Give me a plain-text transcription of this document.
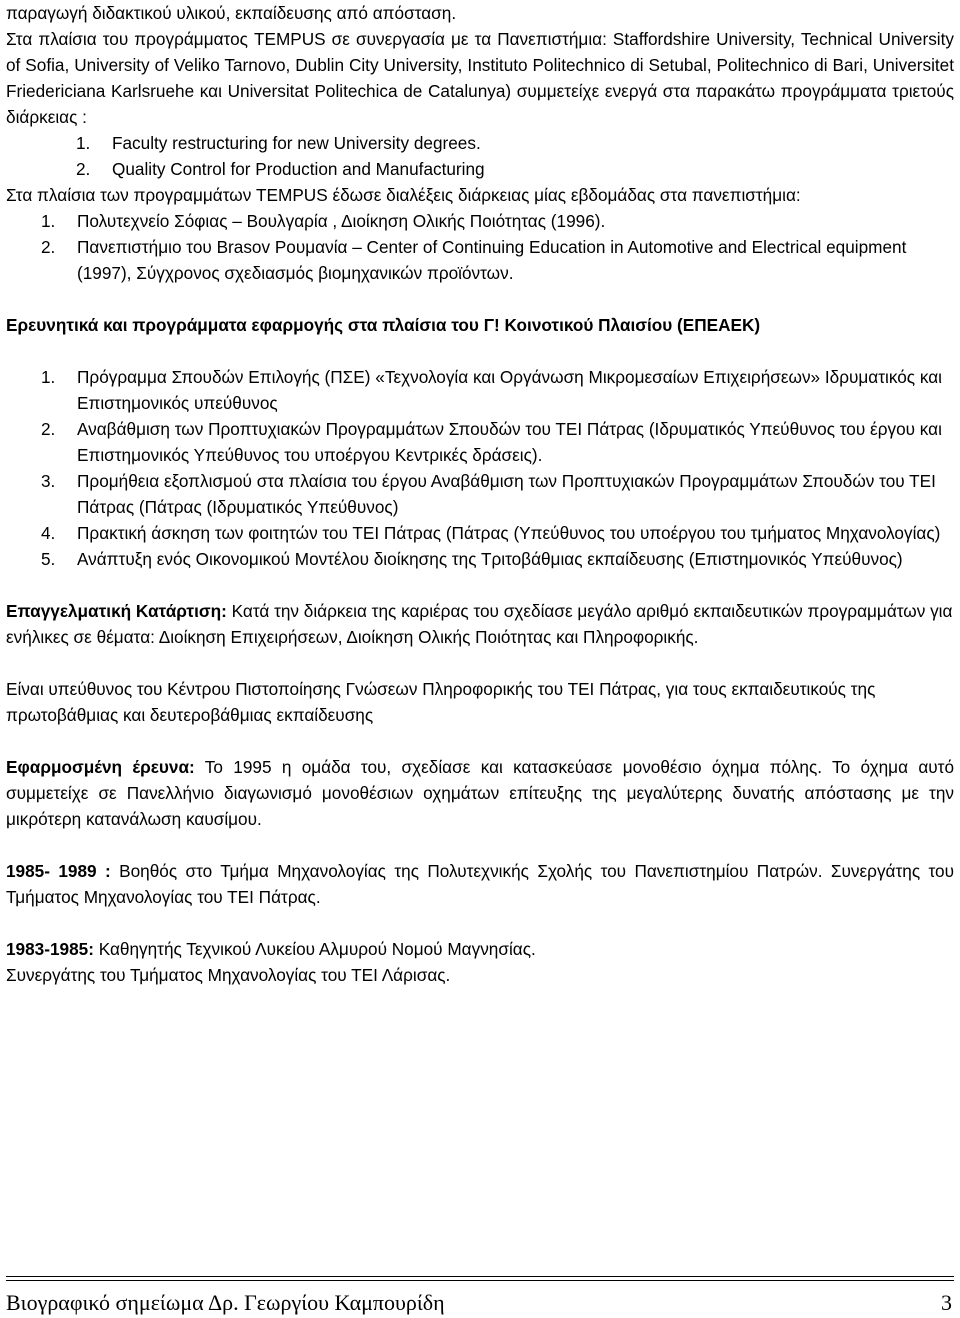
παραγωγή διδακτικού υλικού, εκπαίδευσης από απόσταση.
Στα πλαίσια του προγράμματος TEMPUS σε συνεργασία με τα Πανεπιστήμια: Staffordshire University, Technical University of Sofia, University of Veliko Tarnovo, Dublin City University, Instituto Politechnico di Setubal, Politechnico di Bari, Universitet Friedericiana Karlsruehe και Universitat Politechica de Catalunya) συμμετείχε ενεργά στα παρακάτω προγράμματα τριετούς διάρκειας :
1. Faculty restructuring for new University degrees.
2. Quality Control for Production and Manufacturing
Στα πλαίσια των προγραμμάτων TEMPUS έδωσε διαλέξεις διάρκειας μίας εβδομάδας στα πανεπιστήμια:
1. Πολυτεχνείο Σόφιας – Βουλγαρία , Διοίκηση Ολικής Ποιότητας (1996).
2. Πανεπιστήμιο του Brasov Ρουμανία – Center of Continuing Education in Automotive and Electrical equipment (1997), Σύγχρονος σχεδιασμός βιομηχανικών προϊόντων.
Ερευνητικά και προγράμματα εφαρμογής στα πλαίσια του Γ! Κοινοτικού Πλαισίου (ΕΠΕΑΕΚ)
1. Πρόγραμμα Σπουδών Επιλογής (ΠΣΕ) «Τεχνολογία και Οργάνωση Μικρομεσαίων Επιχειρήσεων» Ιδρυματικός και Επιστημονικός υπεύθυνος
2. Αναβάθμιση των Προπτυχιακών Προγραμμάτων Σπουδών του ΤΕΙ Πάτρας (Ιδρυματικός Υπεύθυνος του έργου και Επιστημονικός Υπεύθυνος του υποέργου Κεντρικές δράσεις).
3. Προμήθεια εξοπλισμού στα πλαίσια του έργου Αναβάθμιση των Προπτυχιακών Προγραμμάτων Σπουδών του ΤΕΙ Πάτρας (Πάτρας (Ιδρυματικός Υπεύθυνος)
4. Πρακτική άσκηση των φοιτητών του ΤΕΙ Πάτρας (Πάτρας (Υπεύθυνος του υποέργου του τμήματος Μηχανολογίας)
5. Ανάπτυξη ενός Οικονομικού Μοντέλου διοίκησης της Τριτοβάθμιας εκπαίδευσης (Επιστημονικός Υπεύθυνος)
Επαγγελματική Κατάρτιση: Κατά την διάρκεια της καριέρας του σχεδίασε μεγάλο αριθμό εκπαιδευτικών προγραμμάτων για ενήλικες σε θέματα: Διοίκηση Επιχειρήσεων, Διοίκηση Ολικής Ποιότητας και Πληροφορικής.
Είναι υπεύθυνος του Κέντρου Πιστοποίησης Γνώσεων Πληροφορικής του ΤΕΙ Πάτρας, για τους εκπαιδευτικούς της πρωτοβάθμιας και δευτεροβάθμιας εκπαίδευσης
Εφαρμοσμένη έρευνα: Το 1995 η ομάδα του, σχεδίασε και κατασκεύασε μονοθέσιο όχημα πόλης. Το όχημα αυτό συμμετείχε σε Πανελλήνιο διαγωνισμό μονοθέσιων οχημάτων επίτευξης της μεγαλύτερης δυνατής απόστασης με την μικρότερη κατανάλωση καυσίμου.
1985- 1989 : Βοηθός στο Τμήμα Μηχανολογίας της Πολυτεχνικής Σχολής του Πανεπιστημίου Πατρών. Συνεργάτης του Τμήματος Μηχανολογίας του ΤΕΙ Πάτρας.
1983-1985: Καθηγητής Τεχνικού Λυκείου Αλμυρού Νομού Μαγνησίας.
Συνεργάτης του Τμήματος Μηχανολογίας του ΤΕΙ Λάρισας.
Βιογραφικό σημείωμα Δρ. Γεωργίου Καμπουρίδη	3
